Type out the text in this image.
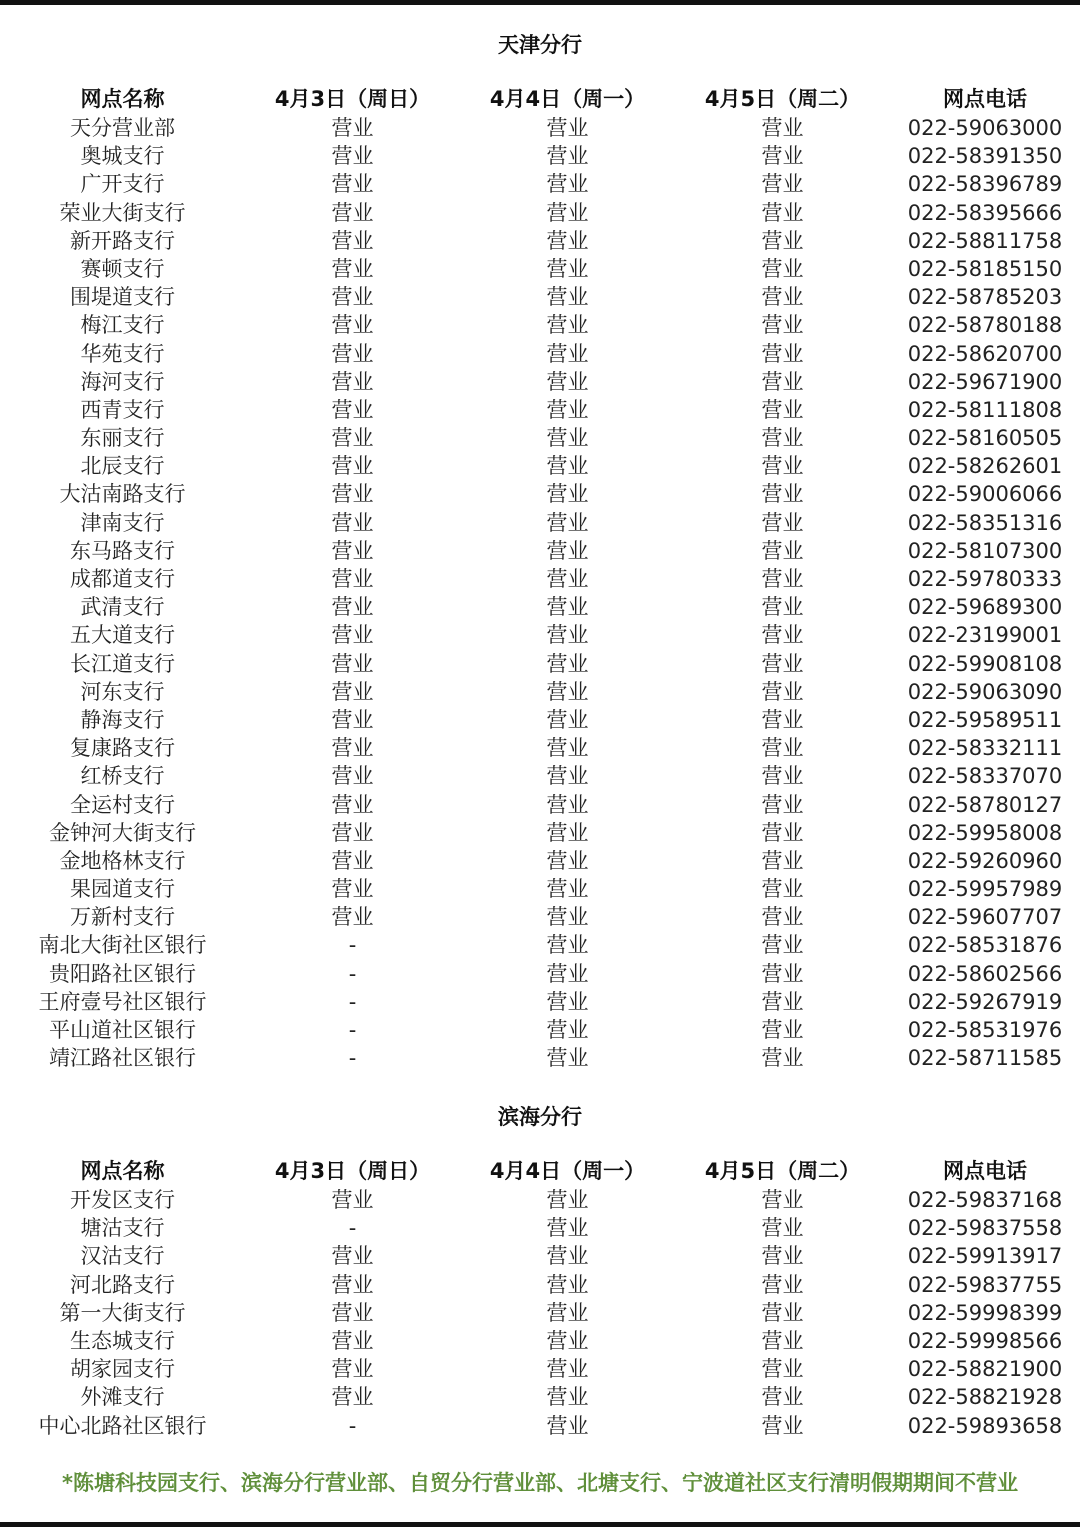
天津分行
网点名称	4月3日（周日）	4月4日（周一）	4月5日（周二）	网点电话
天分营业部	营业	营业	营业	022-59063000
奥城支行	营业	营业	营业	022-58391350
广开支行	营业	营业	营业	022-58396789
荣业大街支行	营业	营业	营业	022-58395666
新开路支行	营业	营业	营业	022-58811758
赛顿支行	营业	营业	营业	022-58185150
围堤道支行	营业	营业	营业	022-58785203
梅江支行	营业	营业	营业	022-58780188
华苑支行	营业	营业	营业	022-58620700
海河支行	营业	营业	营业	022-59671900
西青支行	营业	营业	营业	022-58111808
东丽支行	营业	营业	营业	022-58160505
北辰支行	营业	营业	营业	022-58262601
大沽南路支行	营业	营业	营业	022-59006066
津南支行	营业	营业	营业	022-58351316
东马路支行	营业	营业	营业	022-58107300
成都道支行	营业	营业	营业	022-59780333
武清支行	营业	营业	营业	022-59689300
五大道支行	营业	营业	营业	022-23199001
长江道支行	营业	营业	营业	022-59908108
河东支行	营业	营业	营业	022-59063090
静海支行	营业	营业	营业	022-59589511
复康路支行	营业	营业	营业	022-58332111
红桥支行	营业	营业	营业	022-58337070
全运村支行	营业	营业	营业	022-58780127
金钟河大街支行	营业	营业	营业	022-59958008
金地格林支行	营业	营业	营业	022-59260960
果园道支行	营业	营业	营业	022-59957989
万新村支行	营业	营业	营业	022-59607707
南北大街社区银行	-	营业	营业	022-58531876
贵阳路社区银行	-	营业	营业	022-58602566
王府壹号社区银行	-	营业	营业	022-59267919
平山道社区银行	-	营业	营业	022-58531976
靖江路社区银行	-	营业	营业	022-58711585
滨海分行
网点名称	4月3日（周日）	4月4日（周一）	4月5日（周二）	网点电话
开发区支行	营业	营业	营业	022-59837168
塘沽支行	-	营业	营业	022-59837558
汉沽支行	营业	营业	营业	022-59913917
河北路支行	营业	营业	营业	022-59837755
第一大街支行	营业	营业	营业	022-59998399
生态城支行	营业	营业	营业	022-59998566
胡家园支行	营业	营业	营业	022-58821900
外滩支行	营业	营业	营业	022-58821928
中心北路社区银行	-	营业	营业	022-59893658
*陈塘科技园支行、滨海分行营业部、自贸分行营业部、北塘支行、宁波道社区支行清明假期期间不营业
